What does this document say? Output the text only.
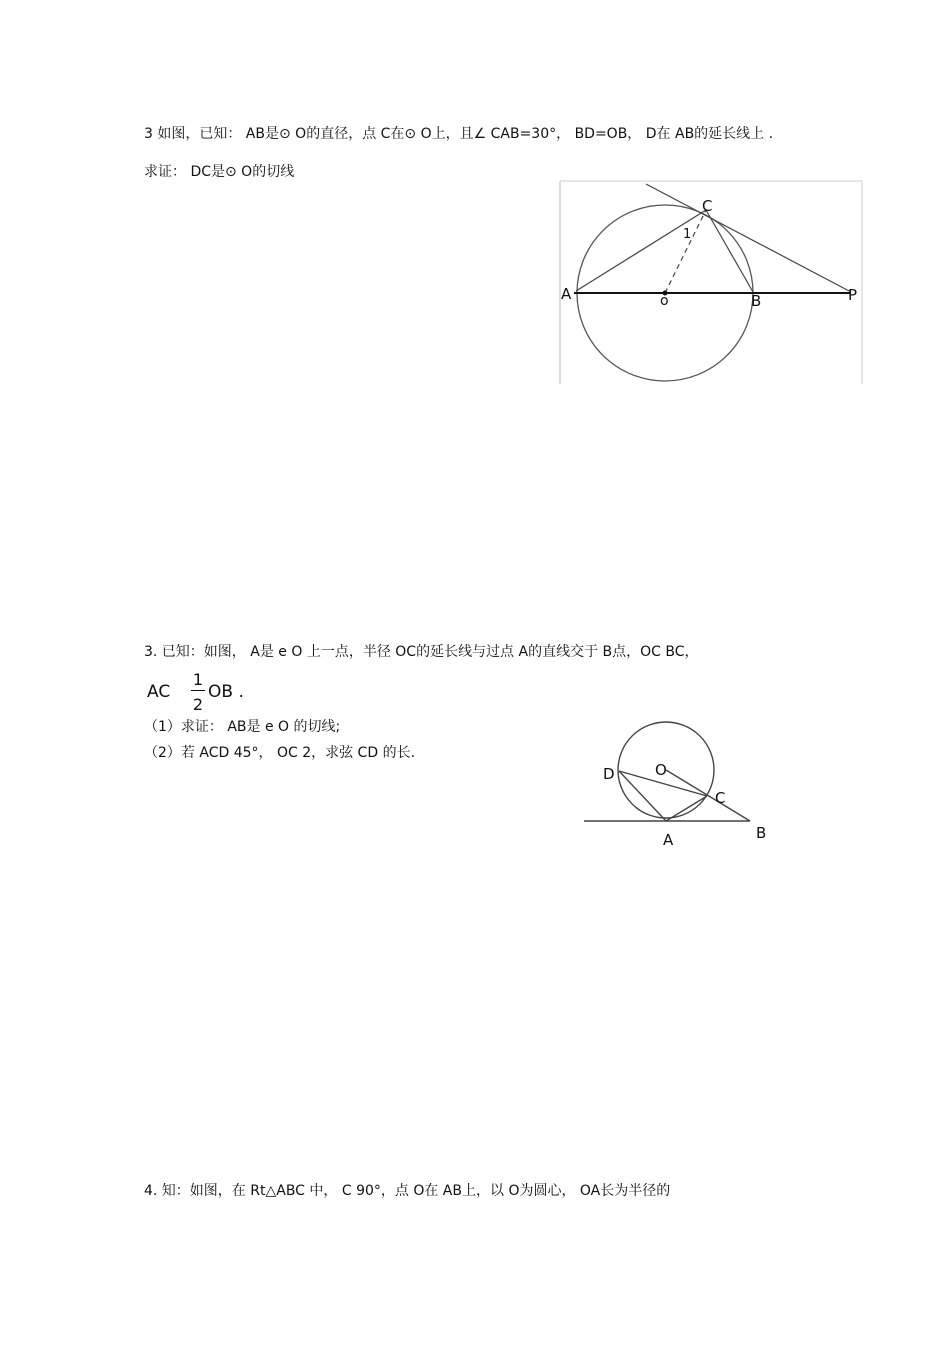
3 如图，已知： AB是⊙ O的直径，点 C在⊙ O上，且∠ CAB=30°， BD=OB， D在 AB的延长线上 .
求证： DC是⊙ O的切线
A	o	B	P
C
1
3. 已知：如图， A是 e O 上一点，半径 OC的延长线与过点 A的直线交于 B点，OC BC，
AC
1
2
OB .
（1）求证： AB是 e O 的切线;
（2）若 ACD 45°， OC 2，求弦 CD 的长.
D	O
C
A	B
4. 知：如图，在 Rt△ABC 中， C 90°，点 O在 AB上，以 O为圆心， OA长为半径的
